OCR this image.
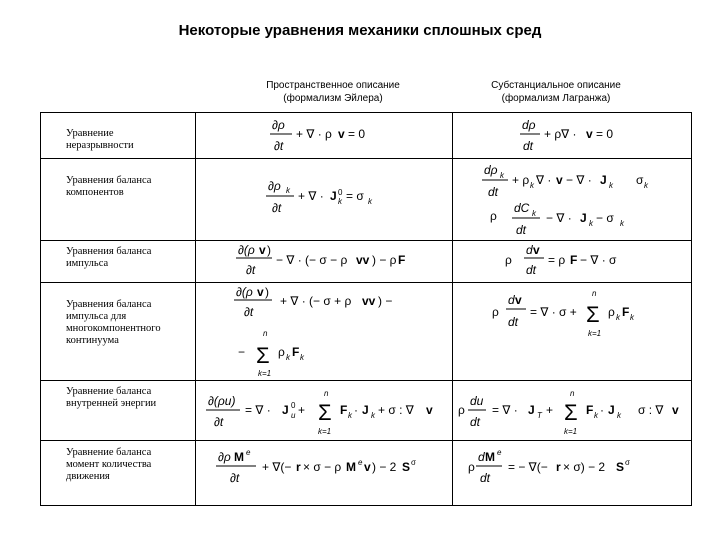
Некоторые уравнения механики сплошных сред
Пространственное описание
(формализм Эйлера)
Субстанциальное описание
(формализм Лагранжа)
Уравнение
неразрывности
Уравнения баланса
компонентов
Уравнения баланса
импульса
Уравнения баланса
импульса для
многокомпонентного
континуума
Уравнение баланса
внутренней энергии
Уравнение баланса
момент количества
движения
∂ρ
∂t
+ ∇ · ρ v = 0
dρ
dt
+ ρ∇ · v = 0
∂ρ k
∂t
+ ∇ · J 0
k = σ k
dρ k
dt
+ ρ k ∇ · v − ∇ · J k σ k
ρ
dC k
dt
− ∇ · J k − σ k
∂(ρ v )
∂t
− ∇ · (− σ − ρ vv ) − ρ F	ρ
d v
dt
= ρ F − ∇ · σ
∂(ρ v )
∂t
+ ∇ · (− σ + ρ vv ) −
−
n
Σ
k=1
ρ k F k
ρ
d v
dt
= ∇ · σ +
n
Σ
k=1
ρ k F k
∂(ρu)
∂t
= ∇ · J 0
u +
n
Σ
k=1
F k · J k + σ : ∇ v ρ
du
dt
= ∇ · J T +
n
Σ
k=1
F k · J k σ : ∇ v
∂ρ M e
∂t
+ ∇(− r × σ − ρ M e v ) − 2 S σ	ρ
d M e
dt
= − ∇(− r × σ) − 2 S σ
